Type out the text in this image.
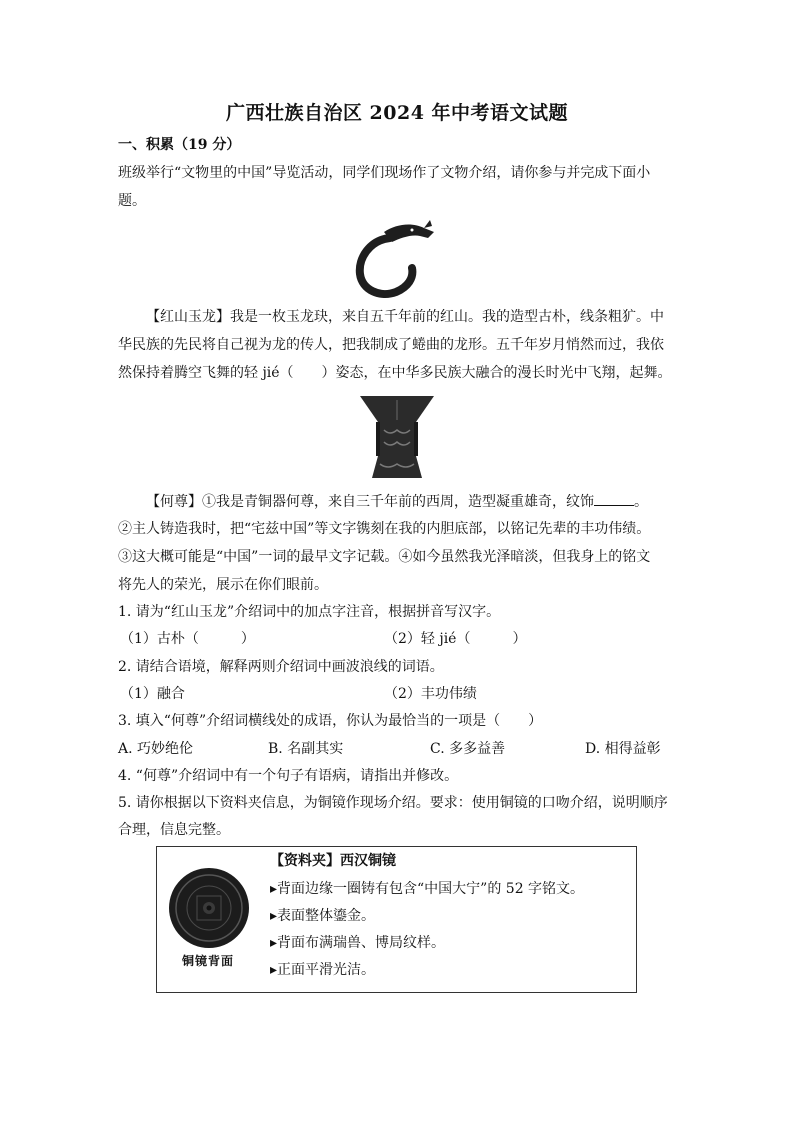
广西壮族自治区 2024 年中考语文试题
一、积累（19 分）
班级举行“文物里的中国”导览活动，同学们现场作了文物介绍，请你参与并完成下面小
题。
【红山玉龙】我是一枚玉龙玦，来自五千年前的红山。我的造型古朴，线条粗犷。中
华民族的先民将自己视为龙的传人，把我制成了蜷曲的龙形。五千年岁月悄然而过，我依
然保持着腾空飞舞的轻 jié（　　）姿态，在中华多民族大融合的漫长时光中飞翔，起舞。
【何尊】①我是青铜器何尊，来自三千年前的西周，造型凝重雄奇，纹饰	。
②主人铸造我时，把“宅兹中国”等文字镌刻在我的内胆底部，以铭记先辈的丰功伟绩。
③这大概可能是“中国”一词的最早文字记载。④如今虽然我光泽暗淡，但我身上的铭文
将先人的荣光，展示在你们眼前。
1. 请为“红山玉龙”介绍词中的加点字注音，根据拼音写汉字。
（1）古朴（　　　）	（2）轻 jié（　　　）
2. 请结合语境，解释两则介绍词中画波浪线的词语。
（1）融合	（2）丰功伟绩
3. 填入“何尊”介绍词横线处的成语，你认为最恰当的一项是（　　）
A. 巧妙绝伦	B. 名副其实	C. 多多益善	D. 相得益彰
4. “何尊”介绍词中有一个句子有语病，请指出并修改。
5. 请你根据以下资料夹信息，为铜镜作现场介绍。要求：使用铜镜的口吻介绍，说明顺序
合理，信息完整。
铜镜背面
【资料夹】西汉铜镜
▸背面边缘一圈铸有包含“中国大宁”的 52 字铭文。
▸表面整体鎏金。
▸背面布满瑞兽、博局纹样。
▸正面平滑光洁。
